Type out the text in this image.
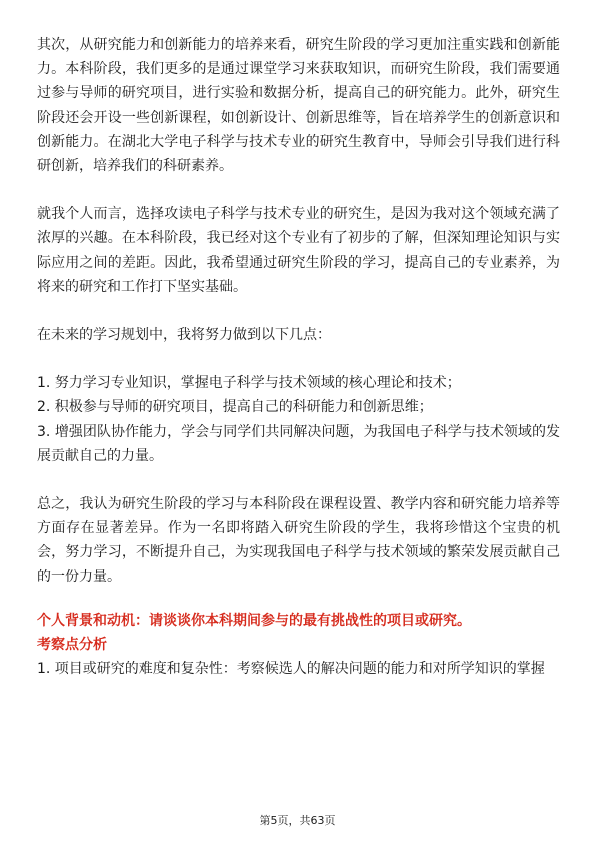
其次，从研究能力和创新能力的培养来看，研究生阶段的学习更加注重实践和创新能力。本科阶段，我们更多的是通过课堂学习来获取知识，而研究生阶段，我们需要通过参与导师的研究项目，进行实验和数据分析，提高自己的研究能力。此外，研究生阶段还会开设一些创新课程，如创新设计、创新思维等，旨在培养学生的创新意识和创新能力。在湖北大学电子科学与技术专业的研究生教育中，导师会引导我们进行科研创新，培养我们的科研素养。

就我个人而言，选择攻读电子科学与技术专业的研究生，是因为我对这个领域充满了浓厚的兴趣。在本科阶段，我已经对这个专业有了初步的了解，但深知理论知识与实际应用之间的差距。因此，我希望通过研究生阶段的学习，提高自己的专业素养，为将来的研究和工作打下坚实基础。

在未来的学习规划中，我将努力做到以下几点：

1. 努力学习专业知识，掌握电子科学与技术领域的核心理论和技术；

2. 积极参与导师的研究项目，提高自己的科研能力和创新思维；

3. 增强团队协作能力，学会与同学们共同解决问题，为我国电子科学与技术领域的发展贡献自己的力量。

总之，我认为研究生阶段的学习与本科阶段在课程设置、教学内容和研究能力培养等方面存在显著差异。作为一名即将踏入研究生阶段的学生，我将珍惜这个宝贵的机会，努力学习，不断提升自己，为实现我国电子科学与技术领域的繁荣发展贡献自己的一份力量。

个人背景和动机：请谈谈你本科期间参与的最有挑战性的项目或研究。

考察点分析

1. 项目或研究的难度和复杂性：考察候选人的解决问题的能力和对所学知识的掌握

第5页，共63页
